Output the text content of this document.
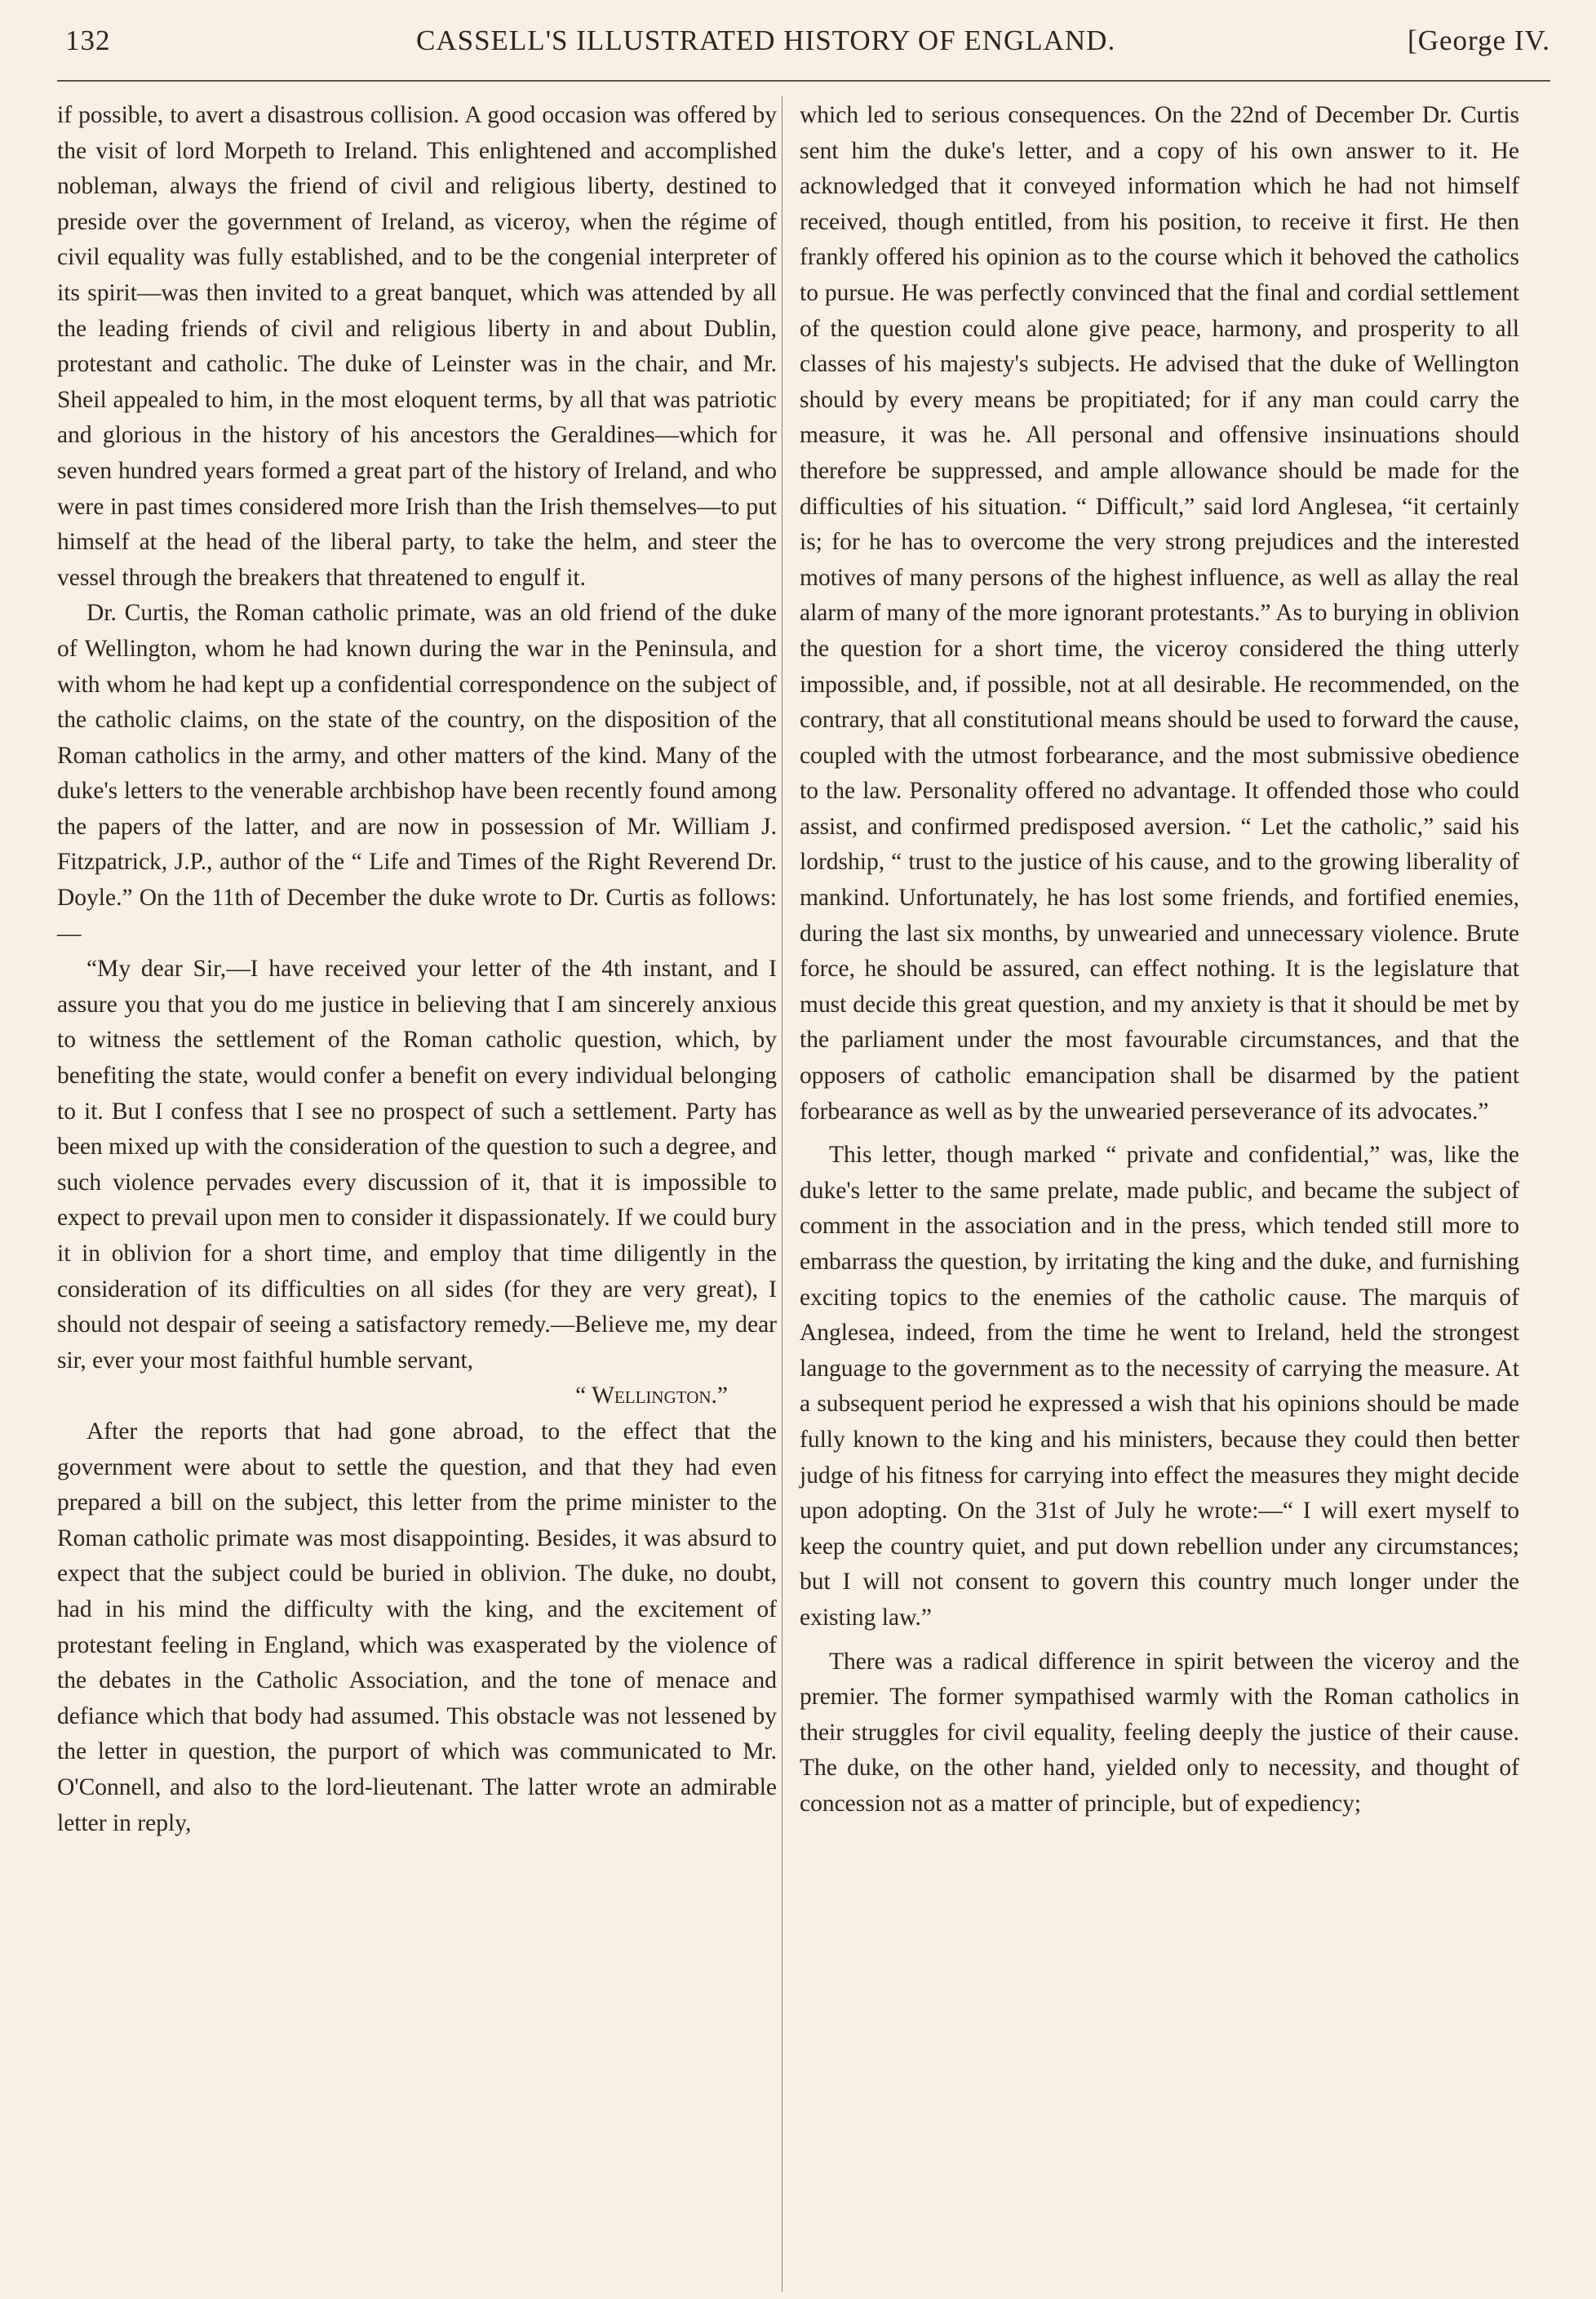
132	CASSELL'S ILLUSTRATED HISTORY OF ENGLAND.	[George IV.

if possible, to avert a disastrous collision. A good occasion was offered by the visit of lord Morpeth to Ireland. This enlightened and accomplished nobleman, always the friend of civil and religious liberty, destined to preside over the government of Ireland, as viceroy, when the régime of civil equality was fully established, and to be the congenial interpreter of its spirit—was then invited to a great banquet, which was attended by all the leading friends of civil and religious liberty in and about Dublin, protestant and catholic. The duke of Leinster was in the chair, and Mr. Sheil appealed to him, in the most eloquent terms, by all that was patriotic and glorious in the history of his ancestors the Geraldines—which for seven hundred years formed a great part of the history of Ireland, and who were in past times considered more Irish than the Irish themselves—to put himself at the head of the liberal party, to take the helm, and steer the vessel through the breakers that threatened to engulf it.

Dr. Curtis, the Roman catholic primate, was an old friend of the duke of Wellington, whom he had known during the war in the Peninsula, and with whom he had kept up a confidential correspondence on the subject of the catholic claims, on the state of the country, on the disposition of the Roman catholics in the army, and other matters of the kind. Many of the duke's letters to the venerable archbishop have been recently found among the papers of the latter, and are now in possession of Mr. William J. Fitzpatrick, J.P., author of the “ Life and Times of the Right Reverend Dr. Doyle.” On the 11th of December the duke wrote to Dr. Curtis as follows:—

“My dear Sir,—I have received your letter of the 4th instant, and I assure you that you do me justice in believing that I am sincerely anxious to witness the settlement of the Roman catholic question, which, by benefiting the state, would confer a benefit on every individual belonging to it. But I confess that I see no prospect of such a settlement. Party has been mixed up with the consideration of the question to such a degree, and such violence pervades every discussion of it, that it is impossible to expect to prevail upon men to consider it dispassionately. If we could bury it in oblivion for a short time, and employ that time diligently in the consideration of its difficulties on all sides (for they are very great), I should not despair of seeing a satisfactory remedy.—Believe me, my dear sir, ever your most faithful humble servant,

“ Wellington.”

After the reports that had gone abroad, to the effect that the government were about to settle the question, and that they had even prepared a bill on the subject, this letter from the prime minister to the Roman catholic primate was most disappointing. Besides, it was absurd to expect that the subject could be buried in oblivion. The duke, no doubt, had in his mind the difficulty with the king, and the excitement of protestant feeling in England, which was exasperated by the violence of the debates in the Catholic Association, and the tone of menace and defiance which that body had assumed. This obstacle was not lessened by the letter in question, the purport of which was communicated to Mr. O'Connell, and also to the lord-lieutenant. The latter wrote an admirable letter in reply,

which led to serious consequences. On the 22nd of December Dr. Curtis sent him the duke's letter, and a copy of his own answer to it. He acknowledged that it conveyed information which he had not himself received, though entitled, from his position, to receive it first. He then frankly offered his opinion as to the course which it behoved the catholics to pursue. He was perfectly convinced that the final and cordial settlement of the question could alone give peace, harmony, and prosperity to all classes of his majesty's subjects. He advised that the duke of Wellington should by every means be propitiated; for if any man could carry the measure, it was he. All personal and offensive insinuations should therefore be suppressed, and ample allowance should be made for the difficulties of his situation. “ Difficult,” said lord Anglesea, “it certainly is; for he has to overcome the very strong prejudices and the interested motives of many persons of the highest influence, as well as allay the real alarm of many of the more ignorant protestants.” As to burying in oblivion the question for a short time, the viceroy considered the thing utterly impossible, and, if possible, not at all desirable. He recommended, on the contrary, that all constitutional means should be used to forward the cause, coupled with the utmost forbearance, and the most submissive obedience to the law. Personality offered no advantage. It offended those who could assist, and confirmed predisposed aversion. “ Let the catholic,” said his lordship, “ trust to the justice of his cause, and to the growing liberality of mankind. Unfortunately, he has lost some friends, and fortified enemies, during the last six months, by unwearied and unnecessary violence. Brute force, he should be assured, can effect nothing. It is the legislature that must decide this great question, and my anxiety is that it should be met by the parliament under the most favourable circumstances, and that the opposers of catholic emancipation shall be disarmed by the patient forbearance as well as by the unwearied perseverance of its advocates.”

This letter, though marked “ private and confidential,” was, like the duke's letter to the same prelate, made public, and became the subject of comment in the association and in the press, which tended still more to embarrass the question, by irritating the king and the duke, and furnishing exciting topics to the enemies of the catholic cause. The marquis of Anglesea, indeed, from the time he went to Ireland, held the strongest language to the government as to the necessity of carrying the measure. At a subsequent period he expressed a wish that his opinions should be made fully known to the king and his ministers, because they could then better judge of his fitness for carrying into effect the measures they might decide upon adopting. On the 31st of July he wrote:—“ I will exert myself to keep the country quiet, and put down rebellion under any circumstances; but I will not consent to govern this country much longer under the existing law.”

There was a radical difference in spirit between the viceroy and the premier. The former sympathised warmly with the Roman catholics in their struggles for civil equality, feeling deeply the justice of their cause. The duke, on the other hand, yielded only to necessity, and thought of concession not as a matter of principle, but of expediency;
